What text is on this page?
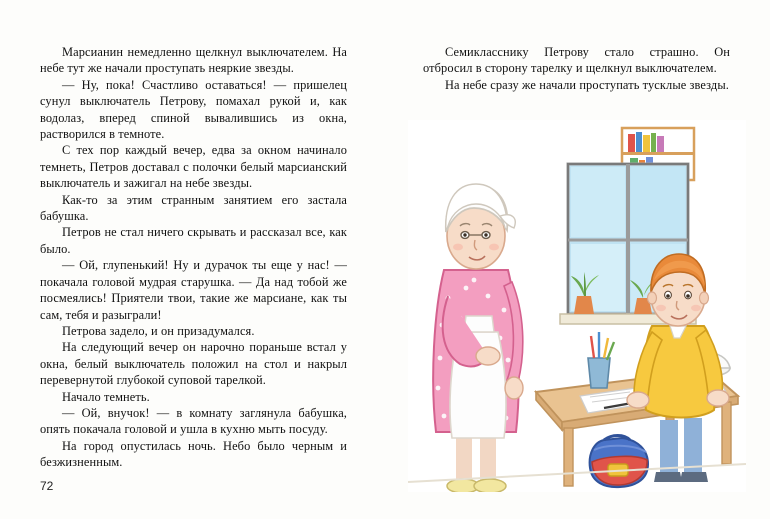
Марсианин немедленно щелкнул выключателем. На небе тут же начали проступать неяркие звезды.

— Ну, пока! Счастливо оставаться! — пришелец сунул выключатель Петрову, помахал рукой и, как водолаз, вперед спиной вывалившись из окна, растворился в темноте.

С тех пор каждый вечер, едва за окном начинало темнеть, Петров доставал с полочки белый марсианский выключатель и зажигал на небе звезды.

Как-то за этим странным занятием его застала бабушка.

Петров не стал ничего скрывать и рассказал все, как было.

— Ой, глупенький! Ну и дурачок ты еще у нас! — покачала головой мудрая старушка. — Да над тобой же посмеялись! Приятели твои, такие же марсиане, как ты сам, тебя и разыграли!

Петрова задело, и он призадумался.

На следующий вечер он нарочно пораньше встал у окна, белый выключатель положил на стол и накрыл перевернутой глубокой суповой тарелкой.

Начало темнеть.

— Ой, внучок! — в комнату заглянула бабушка, опять покачала головой и ушла в кухню мыть посуду.

На город опустилась ночь. Небо было черным и безжизненным.

72

Семикласснику Петрову стало страшно. Он отбросил в сторону тарелку и щелкнул выключателем.

На небе сразу же начали проступать тусклые звезды.
